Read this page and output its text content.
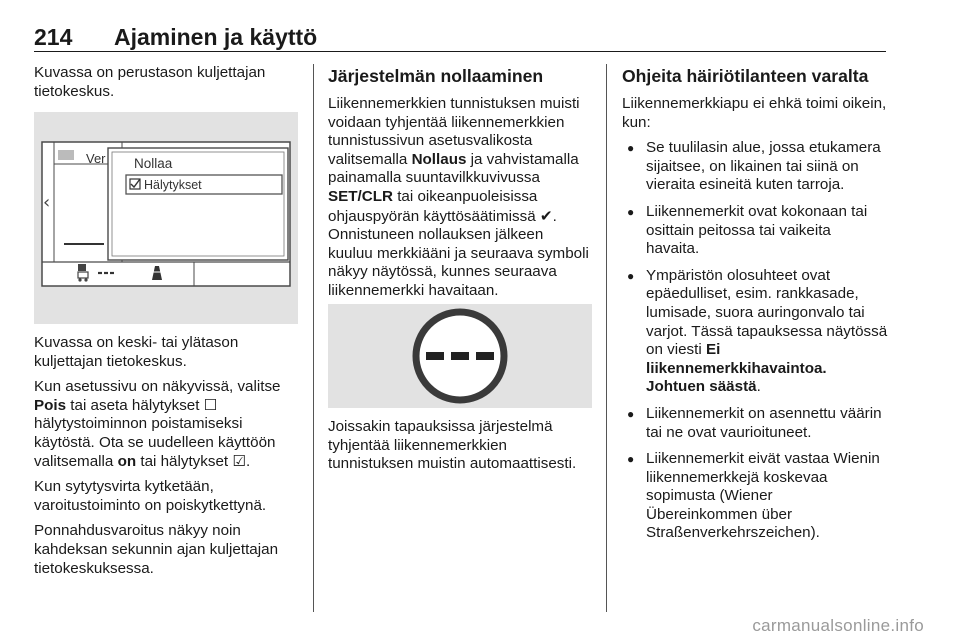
214 Ajaminen ja käyttö

Kuvassa on perustason kuljettajan tietokeskus.

Ver
‹
Nollaa
Hälytykset

Kuvassa on keski- tai ylätason kuljettajan tietokeskus.

Kun asetussivu on näkyvissä, valitse Pois tai aseta hälytykset ☐ hälytystoiminnon poistamiseksi käytöstä. Ota se uudelleen käyttöön valitsemalla on tai hälytykset ☑.

Kun sytytysvirta kytketään, varoitustoiminto on poiskytkettynä.

Ponnahdusvaroitus näkyy noin kahdeksan sekunnin ajan kuljettajan tietokeskuksessa.

Järjestelmän nollaaminen

Liikennemerkkien tunnistuksen muisti voidaan tyhjentää liikennemerkkien tunnistussivun asetusvalikosta valitsemalla Nollaus ja vahvistamalla painamalla suuntavilkkuvivussa SET/CLR tai oikeanpuoleisissa ohjauspyörän käyttösäätimissä ✔. Onnistuneen nollauksen jälkeen kuuluu merkkiääni ja seuraava symboli näkyy näytössä, kunnes seuraava liikennemerkki havaitaan.

Joissakin tapauksissa järjestelmä tyhjentää liikennemerkkien tunnistuksen muistin automaattisesti.

Ohjeita häiriötilanteen varalta

Liikennemerkkiapu ei ehkä toimi oikein, kun:

● Se tuulilasin alue, jossa etukamera sijaitsee, on likainen tai siinä on vieraita esineitä kuten tarroja.
● Liikennemerkit ovat kokonaan tai osittain peitossa tai vaikeita havaita.
● Ympäristön olosuhteet ovat epäedulliset, esim. rankkasade, lumisade, suora auringonvalo tai varjot. Tässä tapauksessa näytössä on viesti Ei liikennemerkkihavaintoa. Johtuen säästä.
● Liikennemerkit on asennettu väärin tai ne ovat vaurioituneet.
● Liikennemerkit eivät vastaa Wienin liikennemerkkejä koskevaa sopimusta (Wiener Übereinkommen über Straßenverkehrszeichen).
carmanualsonline.info
